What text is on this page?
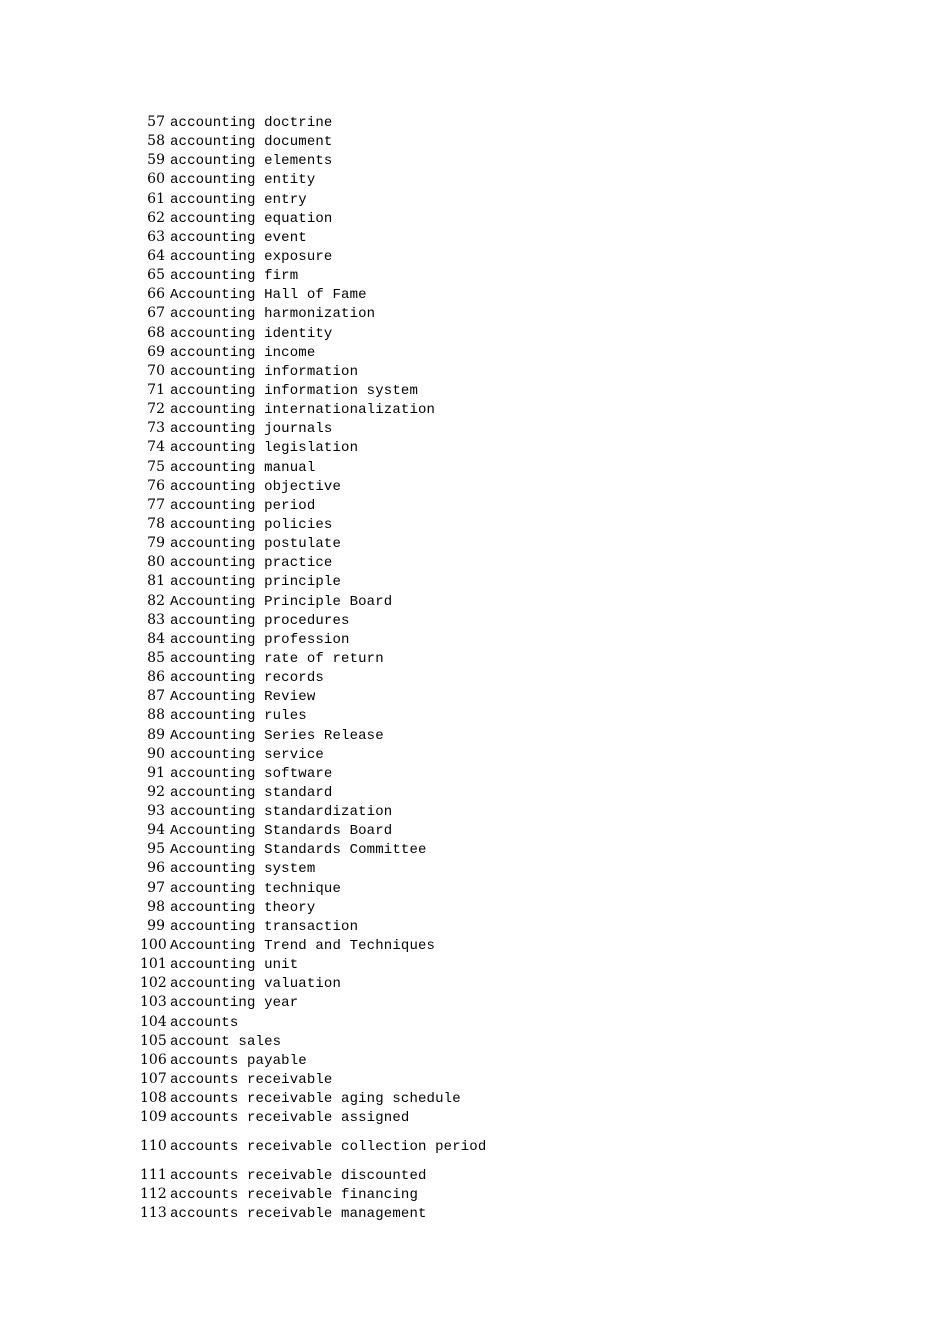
57 accounting doctrine
58 accounting document
59 accounting elements
60 accounting entity
61 accounting entry
62 accounting equation
63 accounting event
64 accounting exposure
65 accounting firm
66 Accounting Hall of Fame
67 accounting harmonization
68 accounting identity
69 accounting income
70 accounting information
71 accounting information system
72 accounting internationalization
73 accounting journals
74 accounting legislation
75 accounting manual
76 accounting objective
77 accounting period
78 accounting policies
79 accounting postulate
80 accounting practice
81 accounting principle
82 Accounting Principle Board
83 accounting procedures
84 accounting profession
85 accounting rate of return
86 accounting records
87 Accounting Review
88 accounting rules
89 Accounting Series Release
90 accounting service
91 accounting software
92 accounting standard
93 accounting standardization
94 Accounting Standards Board
95 Accounting Standards Committee
96 accounting system
97 accounting technique
98 accounting theory
99 accounting transaction
100 Accounting Trend and Techniques
101 accounting unit
102 accounting valuation
103 accounting year
104 accounts
105 account sales
106 accounts payable
107 accounts receivable
108 accounts receivable aging schedule
109 accounts receivable assigned
110 accounts receivable collection period
111 accounts receivable discounted
112 accounts receivable financing
113 accounts receivable management
